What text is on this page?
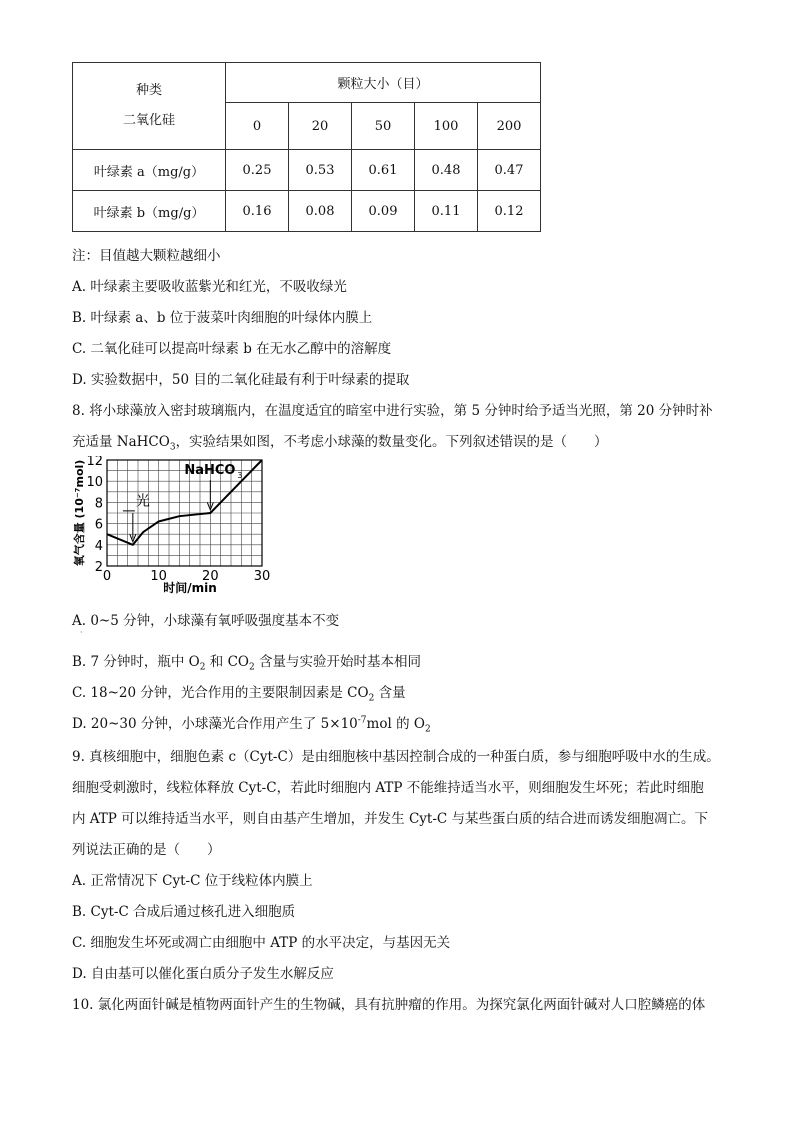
种类
二氧化硅	颗粒大小（目）				
	0	20	50	100	200
叶绿素 a（mg/g）	0.25	0.53	0.61	0.48	0.47
叶绿素 b（mg/g）	0.16	0.08	0.09	0.11	0.12
注：目值越大颗粒越细小
A. 叶绿素主要吸收蓝紫光和红光，不吸收绿光
B. 叶绿素 a、b 位于菠菜叶肉细胞的叶绿体内膜上
C. 二氧化硅可以提高叶绿素 b 在无水乙醇中的溶解度
D. 实验数据中，50 目的二氧化硅最有利于叶绿素的提取
8. 将小球藻放入密封玻璃瓶内，在温度适宜的暗室中进行实验，第 5 分钟时给予适当光照，第 20 分钟时补
充适量 NaHCO$_3$，实验结果如图，不考虑小球藻的数量变化。下列叙述错误的是（　　）
2
4
6
8
10
12
0	10	20	30
光
NaHCO 3
氧气含量 (10⁻⁷mol)
时间/min
A. 0~5 分钟，小球藻有氧呼吸强度基本不变
·
B. 7 分钟时，瓶中 $O_2$ 和 $CO_2$ 含量与实验开始时基本相同
C. 18~20 分钟，光合作用的主要限制因素是 $CO_2$ 含量
D. 20~30 分钟，小球藻光合作用产生了 $5\times 10^{-7}mol$ 的 $O_2$
9. 真核细胞中，细胞色素 c（Cyt-C）是由细胞核中基因控制合成的一种蛋白质，参与细胞呼吸中水的生成。
细胞受刺激时，线粒体释放 Cyt-C，若此时细胞内 ATP 不能维持适当水平，则细胞发生坏死；若此时细胞
内 ATP 可以维持适当水平，则自由基产生增加，并发生 Cyt-C 与某些蛋白质的结合进而诱发细胞凋亡。下
列说法正确的是（　　）
A. 正常情况下 Cyt-C 位于线粒体内膜上
B. Cyt-C 合成后通过核孔进入细胞质
C. 细胞发生坏死或凋亡由细胞中 ATP 的水平决定，与基因无关
D. 自由基可以催化蛋白质分子发生水解反应
10. 氯化两面针碱是植物两面针产生的生物碱，具有抗肿瘤的作用。为探究氯化两面针碱对人口腔鳞癌的体
